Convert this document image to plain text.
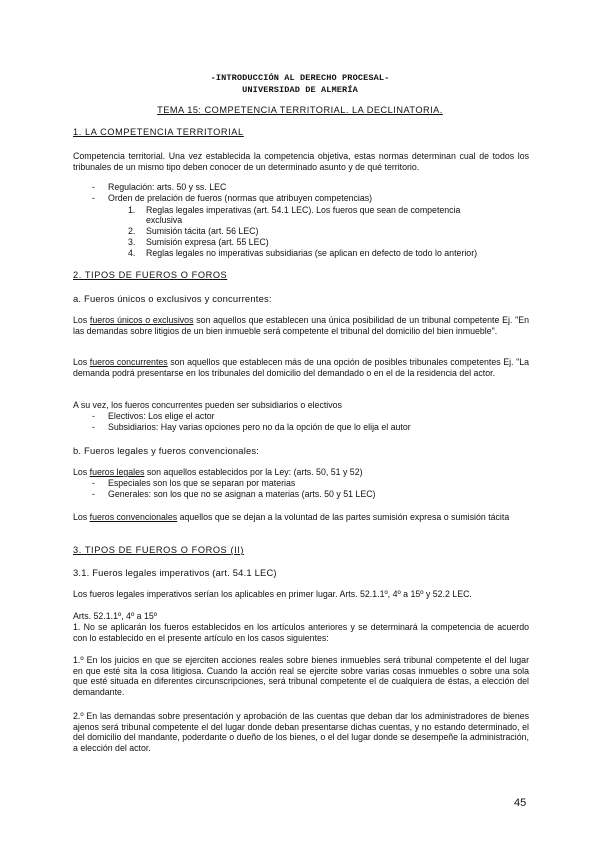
-INTRODUCCIÓN AL DERECHO PROCESAL-
UNIVERSIDAD DE ALMERÍA
TEMA 15: COMPETENCIA TERRITORIAL. LA DECLINATORIA.
1. LA COMPETENCIA TERRITORIAL
Competencia territorial. Una vez establecida la competencia objetiva, estas normas determinan cual de todos los tribunales de un mismo tipo deben conocer de un determinado asunto y de qué territorio.
- Regulación: arts. 50 y ss. LEC
- Orden de prelación de fueros (normas que atribuyen competencias)
1. Reglas legales imperativas (art. 54.1 LEC). Los fueros que sean de competencia
exclusiva
2. Sumisión tácita (art. 56 LEC)
3. Sumisión expresa (art. 55 LEC)
4. Reglas legales no imperativas subsidiarias (se aplican en defecto de todo lo anterior)
2. TIPOS DE FUEROS O FOROS
a. Fueros únicos o exclusivos y concurrentes:
Los fueros únicos o exclusivos son aquellos que establecen una única posibilidad de un tribunal competente Ej. "En las demandas sobre litigios de un bien inmueble será competente el tribunal del domicilio del bien inmueble".
Los fueros concurrentes son aquellos que establecen más de una opción de posibles tribunales competentes Ej. "La demanda podrá presentarse en los tribunales del domicilio del demandado o en el de la residencia del actor.
A su vez, los fueros concurrentes pueden ser subsidiarios o electivos
- Electivos: Los elige el actor
- Subsidiarios: Hay varias opciones pero no da la opción de que lo elija el autor
b. Fueros legales y fueros convencionales:
Los fueros legales son aquellos establecidos por la Ley: (arts. 50, 51 y 52)
- Especiales son los que se separan por materias
- Generales: son los que no se asignan a materias (arts. 50 y 51 LEC)
Los fueros convencionales aquellos que se dejan a la voluntad de las partes sumisión expresa o sumisión tácita
3. TIPOS DE FUEROS O FOROS (II)
3.1. Fueros legales imperativos (art. 54.1 LEC)
Los fueros legales imperativos serían los aplicables en primer lugar. Arts. 52.1.1º, 4º a 15º y 52.2 LEC.
Arts. 52.1.1º, 4º a 15º
1. No se aplicarán los fueros establecidos en los artículos anteriores y se determinará la competencia de acuerdo con lo establecido en el presente artículo en los casos siguientes:
1.º En los juicios en que se ejerciten acciones reales sobre bienes inmuebles será tribunal competente el del lugar en que esté sita la cosa litigiosa. Cuando la acción real se ejercite sobre varias cosas inmuebles o sobre una sola que esté situada en diferentes circunscripciones, será tribunal competente el de cualquiera de éstas, a elección del demandante.
2.º En las demandas sobre presentación y aprobación de las cuentas que deban dar los administradores de bienes ajenos será tribunal competente el del lugar donde deban presentarse dichas cuentas, y no estando determinado, el del domicilio del mandante, poderdante o dueño de los bienes, o el del lugar donde se desempeñe la administración, a elección del actor.
45
